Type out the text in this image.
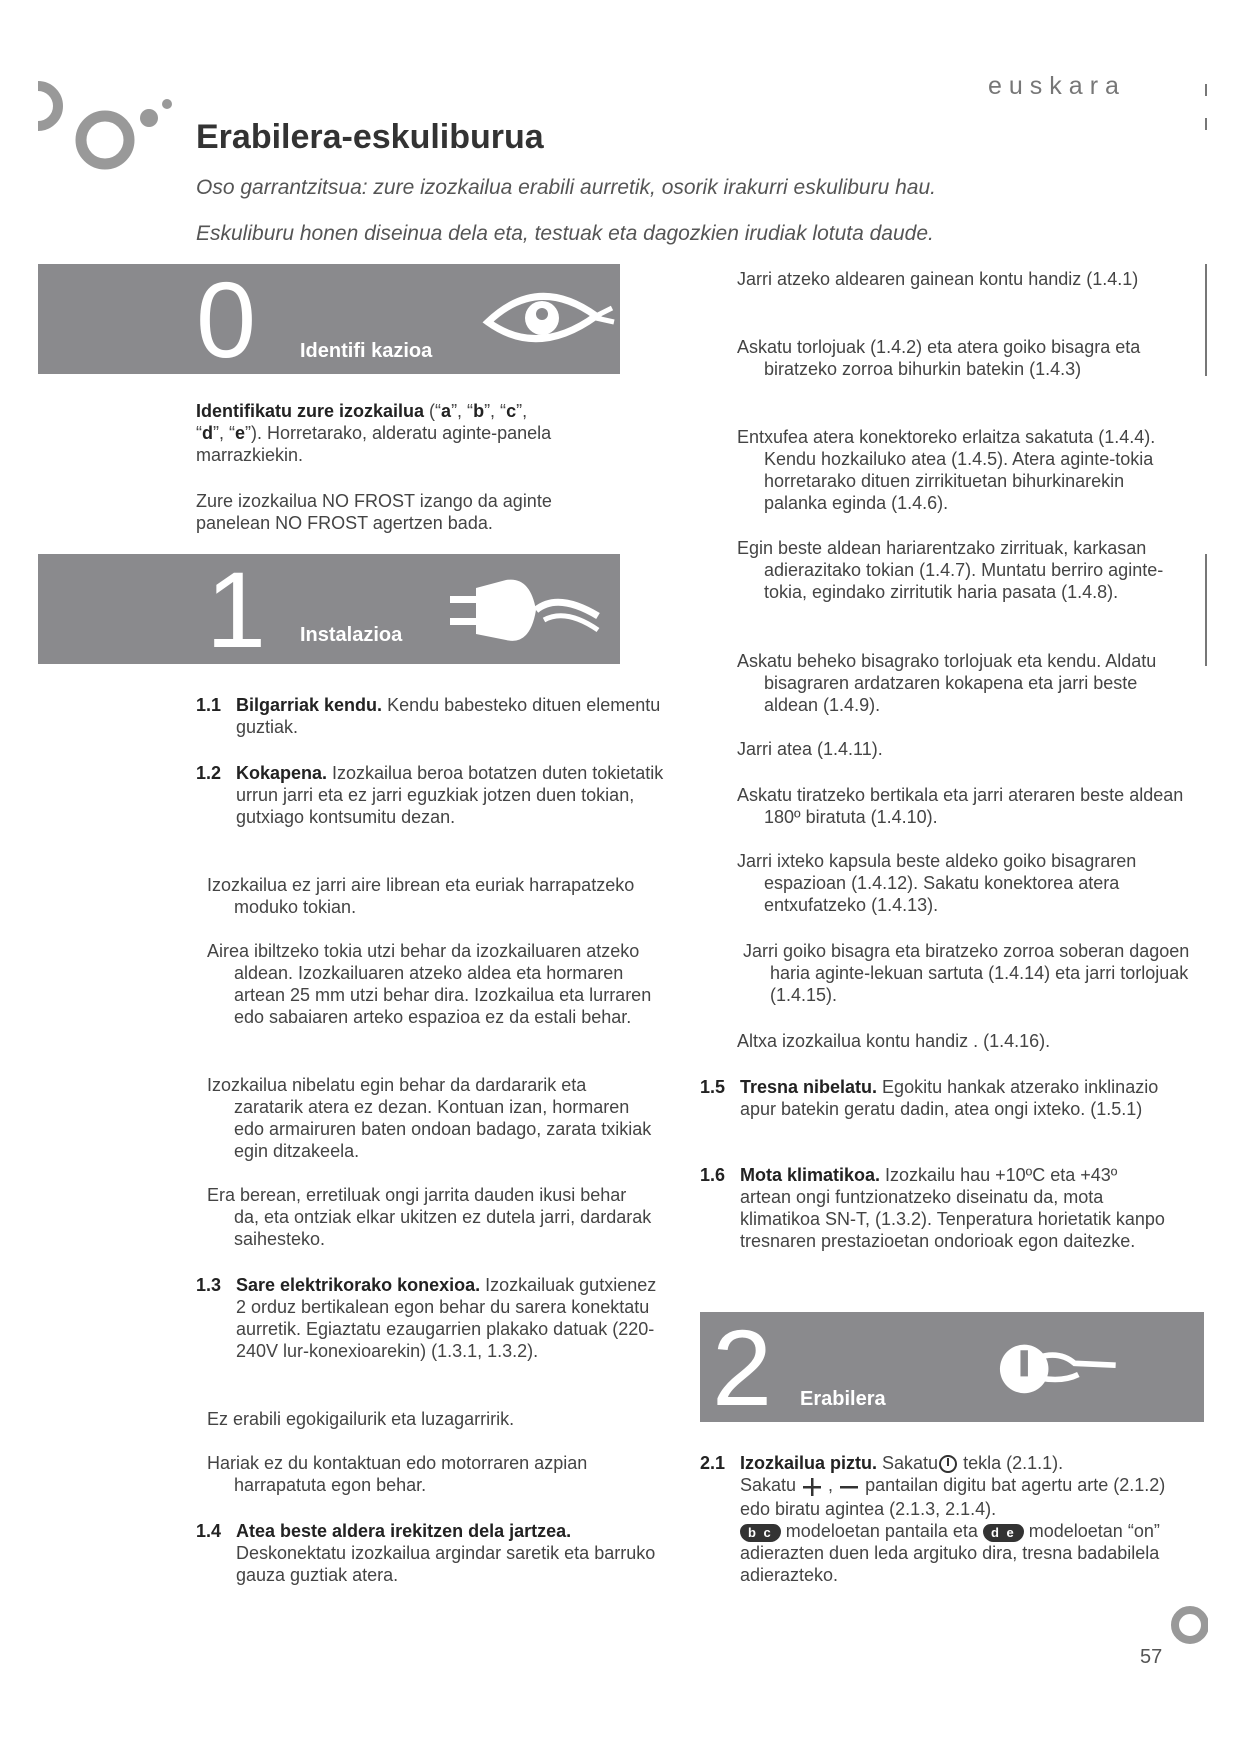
euskara
Erabilera-eskuliburua
Oso garrantzitsua: zure izozkailua erabili aurretik, osorik irakurri eskuliburu hau.
Eskuliburu honen diseinua dela eta, testuak eta dagozkien irudiak lotuta daude.
0 Identifi kazioa
Identifikatu zure izozkailua (“a”, “b”, “c”,
“d”, “e”). Horretarako, alderatu aginte-panela marrazkiekin.
Zure izozkailua NO FROST izango da aginte panelean NO FROST agertzen bada.
1 Instalazioa
1.1 Bilgarriak kendu. Kendu babesteko dituen elementu guztiak.
1.2 Kokapena. Izozkailua beroa botatzen duten tokietatik urrun jarri eta ez jarri eguzkiak jotzen duen tokian, gutxiago kontsumitu dezan.
Izozkailua ez jarri aire librean eta euriak harrapatzeko moduko tokian.
Airea ibiltzeko tokia utzi behar da izozkailuaren atzeko aldean. Izozkailuaren atzeko aldea eta hormaren artean 25 mm utzi behar dira. Izozkailua eta lurraren edo sabaiaren arteko espazioa ez da estali behar.
Izozkailua nibelatu egin behar da dardararik eta zaratarik atera ez dezan. Kontuan izan, hormaren edo armairuren baten ondoan badago, zarata txikiak egin ditzakeela.
Era berean, erretiluak ongi jarrita dauden ikusi behar da, eta ontziak elkar ukitzen ez dutela jarri, dardarak saihesteko.
1.3 Sare elektrikorako konexioa. Izozkailuak gutxienez 2 orduz bertikalean egon behar du sarera konektatu aurretik. Egiaztatu ezaugarrien plakako datuak (220-240V lur-konexioarekin) (1.3.1, 1.3.2).
Ez erabili egokigailurik eta luzagarririk.
Hariak ez du kontaktuan edo motorraren azpian harrapatuta egon behar.
1.4 Atea beste aldera irekitzen dela jartzea. Deskonektatu izozkailua argindar saretik eta barruko gauza guztiak atera.
Jarri atzeko aldearen gainean kontu handiz (1.4.1)
Askatu torlojuak (1.4.2) eta atera goiko bisagra eta biratzeko zorroa bihurkin batekin (1.4.3)
Entxufea atera konektoreko erlaitza sakatuta (1.4.4). Kendu hozkailuko atea (1.4.5). Atera aginte-tokia horretarako dituen zirrikituetan bihurkinarekin palanka eginda (1.4.6).
Egin beste aldean hariarentzako zirrituak, karkasan adierazitako tokian (1.4.7). Muntatu berriro aginte-tokia, egindako zirritutik haria pasata (1.4.8).
Askatu beheko bisagrako torlojuak eta kendu. Aldatu bisagraren ardatzaren kokapena eta jarri beste aldean (1.4.9).
Jarri atea (1.4.11).
Askatu tiratzeko bertikala eta jarri ateraren beste aldean 180º biratuta (1.4.10).
Jarri ixteko kapsula beste aldeko goiko bisagraren espazioan (1.4.12). Sakatu konektorea atera entxufatzeko (1.4.13).
Jarri goiko bisagra eta biratzeko zorroa soberan dagoen haria aginte-lekuan sartuta (1.4.14) eta jarri torlojuak (1.4.15).
Altxa izozkailua kontu handiz . (1.4.16).
1.5 Tresna nibelatu. Egokitu hankak atzerako inklinazio apur batekin geratu dadin, atea ongi ixteko. (1.5.1)
1.6 Mota klimatikoa. Izozkailu hau +10ºC eta +43º artean ongi funtzionatzeko diseinatu da, mota klimatikoa SN-T, (1.3.2). Tenperatura horietatik kanpo tresnaren prestazioetan ondorioak egon daitezke.
2 Erabilera
2.1 Izozkailua piztu. Sakatu tekla (2.1.1).
Sakatu  ,  pantailan digitu bat agertu arte (2.1.2) edo biratu agintea (2.1.3, 2.1.4).
b c modeloetan pantaila eta d e modeloetan “on” adierazten duen leda argituko dira, tresna badabilela adierazteko.
57
